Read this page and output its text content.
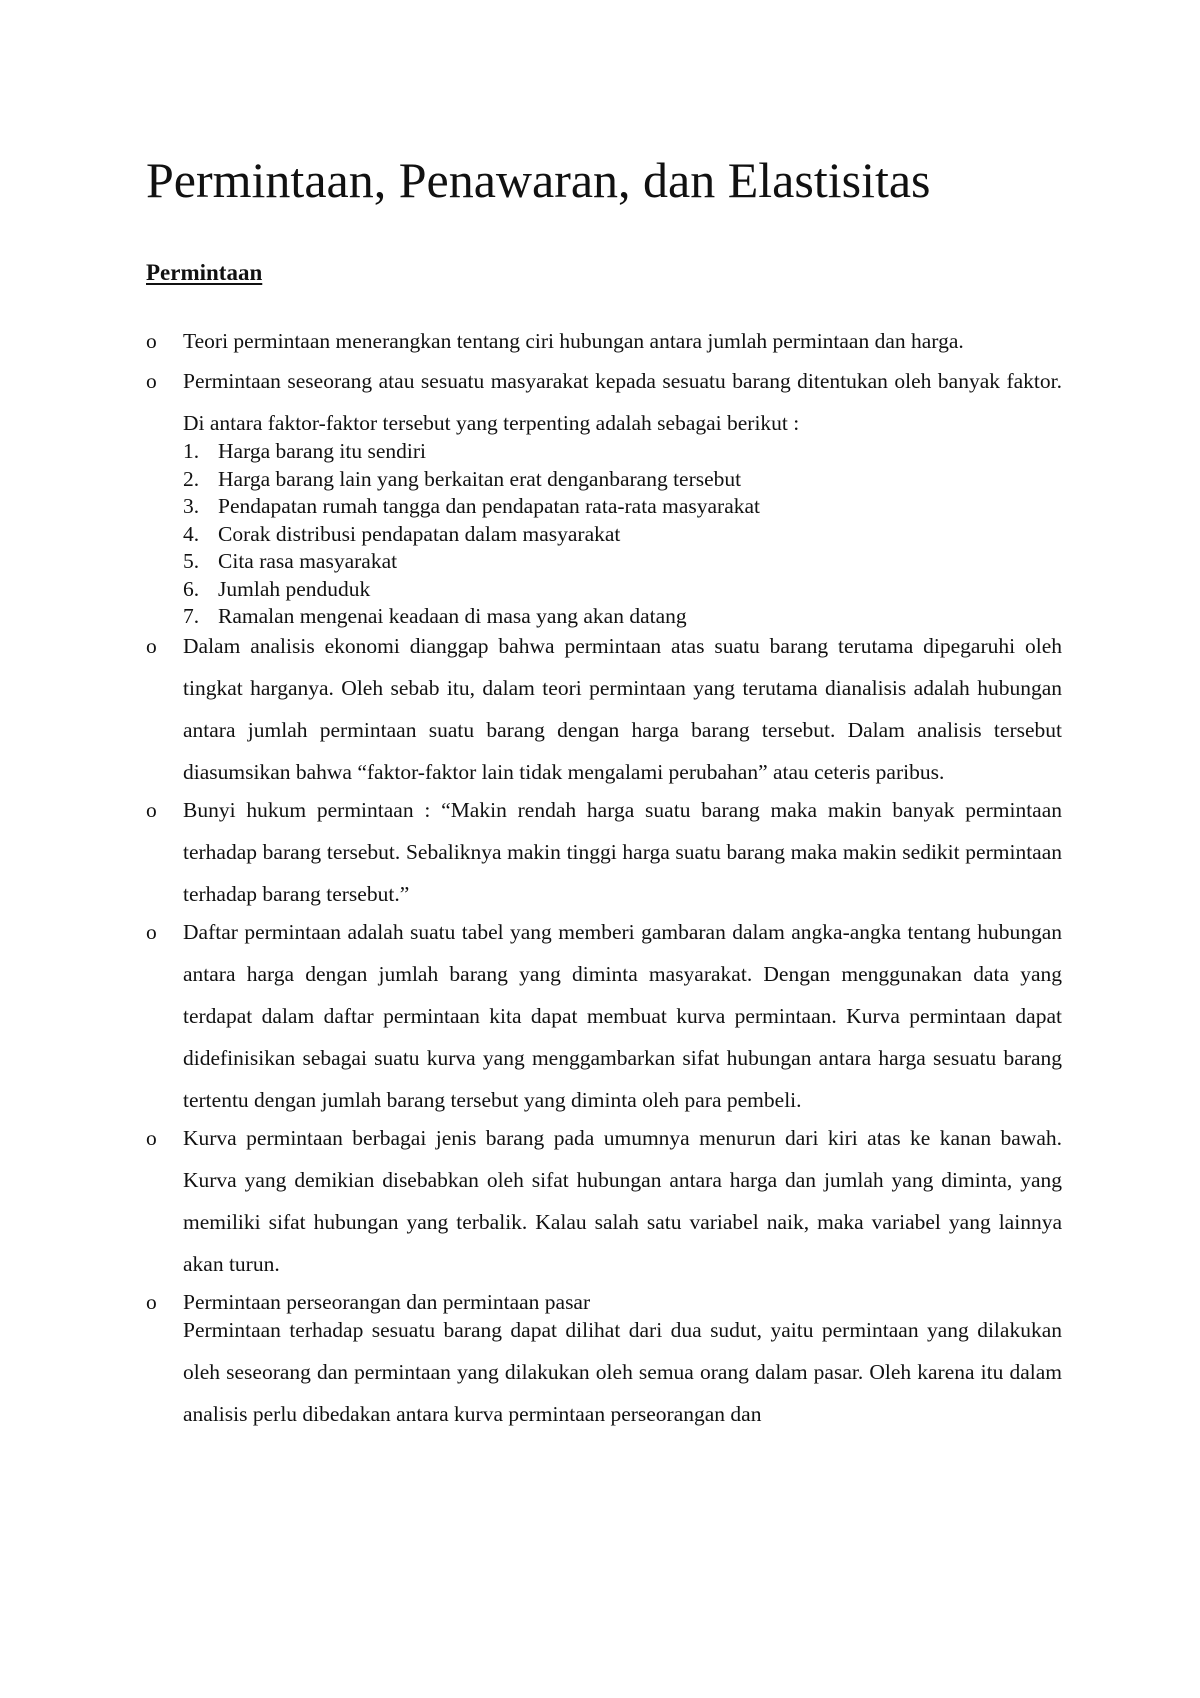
Permintaan, Penawaran, dan Elastisitas
Permintaan
o Teori permintaan menerangkan tentang ciri hubungan antara jumlah permintaan dan harga.

o Permintaan seseorang atau sesuatu masyarakat kepada sesuatu barang ditentukan oleh banyak faktor. Di antara faktor-faktor tersebut yang terpenting adalah sebagai berikut :

1. Harga barang itu sendiri
2. Harga barang lain yang berkaitan erat denganbarang tersebut
3. Pendapatan rumah tangga dan pendapatan rata-rata masyarakat
4. Corak distribusi pendapatan dalam masyarakat
5. Cita rasa masyarakat
6. Jumlah penduduk
7. Ramalan mengenai keadaan di masa yang akan datang
o Dalam analisis ekonomi dianggap bahwa permintaan atas suatu barang terutama dipegaruhi oleh tingkat harganya. Oleh sebab itu, dalam teori permintaan yang terutama dianalisis adalah hubungan antara jumlah permintaan suatu barang dengan harga barang tersebut. Dalam analisis tersebut diasumsikan bahwa “faktor-faktor lain tidak mengalami perubahan” atau ceteris paribus.

o Bunyi hukum permintaan : “Makin rendah harga suatu barang maka makin banyak permintaan terhadap barang tersebut. Sebaliknya makin tinggi harga suatu barang maka makin sedikit permintaan terhadap barang tersebut.”

o Daftar permintaan adalah suatu tabel yang memberi gambaran dalam angka-angka tentang hubungan antara harga dengan jumlah barang yang diminta masyarakat. Dengan menggunakan data yang terdapat dalam daftar permintaan kita dapat membuat kurva permintaan. Kurva permintaan dapat didefinisikan sebagai suatu kurva yang menggambarkan sifat hubungan antara harga sesuatu barang tertentu dengan jumlah barang tersebut yang diminta oleh para pembeli.

o Kurva permintaan berbagai jenis barang pada umumnya menurun dari kiri atas ke kanan bawah. Kurva yang demikian disebabkan oleh sifat hubungan antara harga dan jumlah yang diminta, yang memiliki sifat hubungan yang terbalik. Kalau salah satu variabel naik, maka variabel yang lainnya akan turun.

o Permintaan perseorangan dan permintaan pasar

Permintaan terhadap sesuatu barang dapat dilihat dari dua sudut, yaitu permintaan yang dilakukan oleh seseorang dan permintaan yang dilakukan oleh semua orang dalam pasar. Oleh karena itu dalam analisis perlu dibedakan antara kurva permintaan perseorangan dan
